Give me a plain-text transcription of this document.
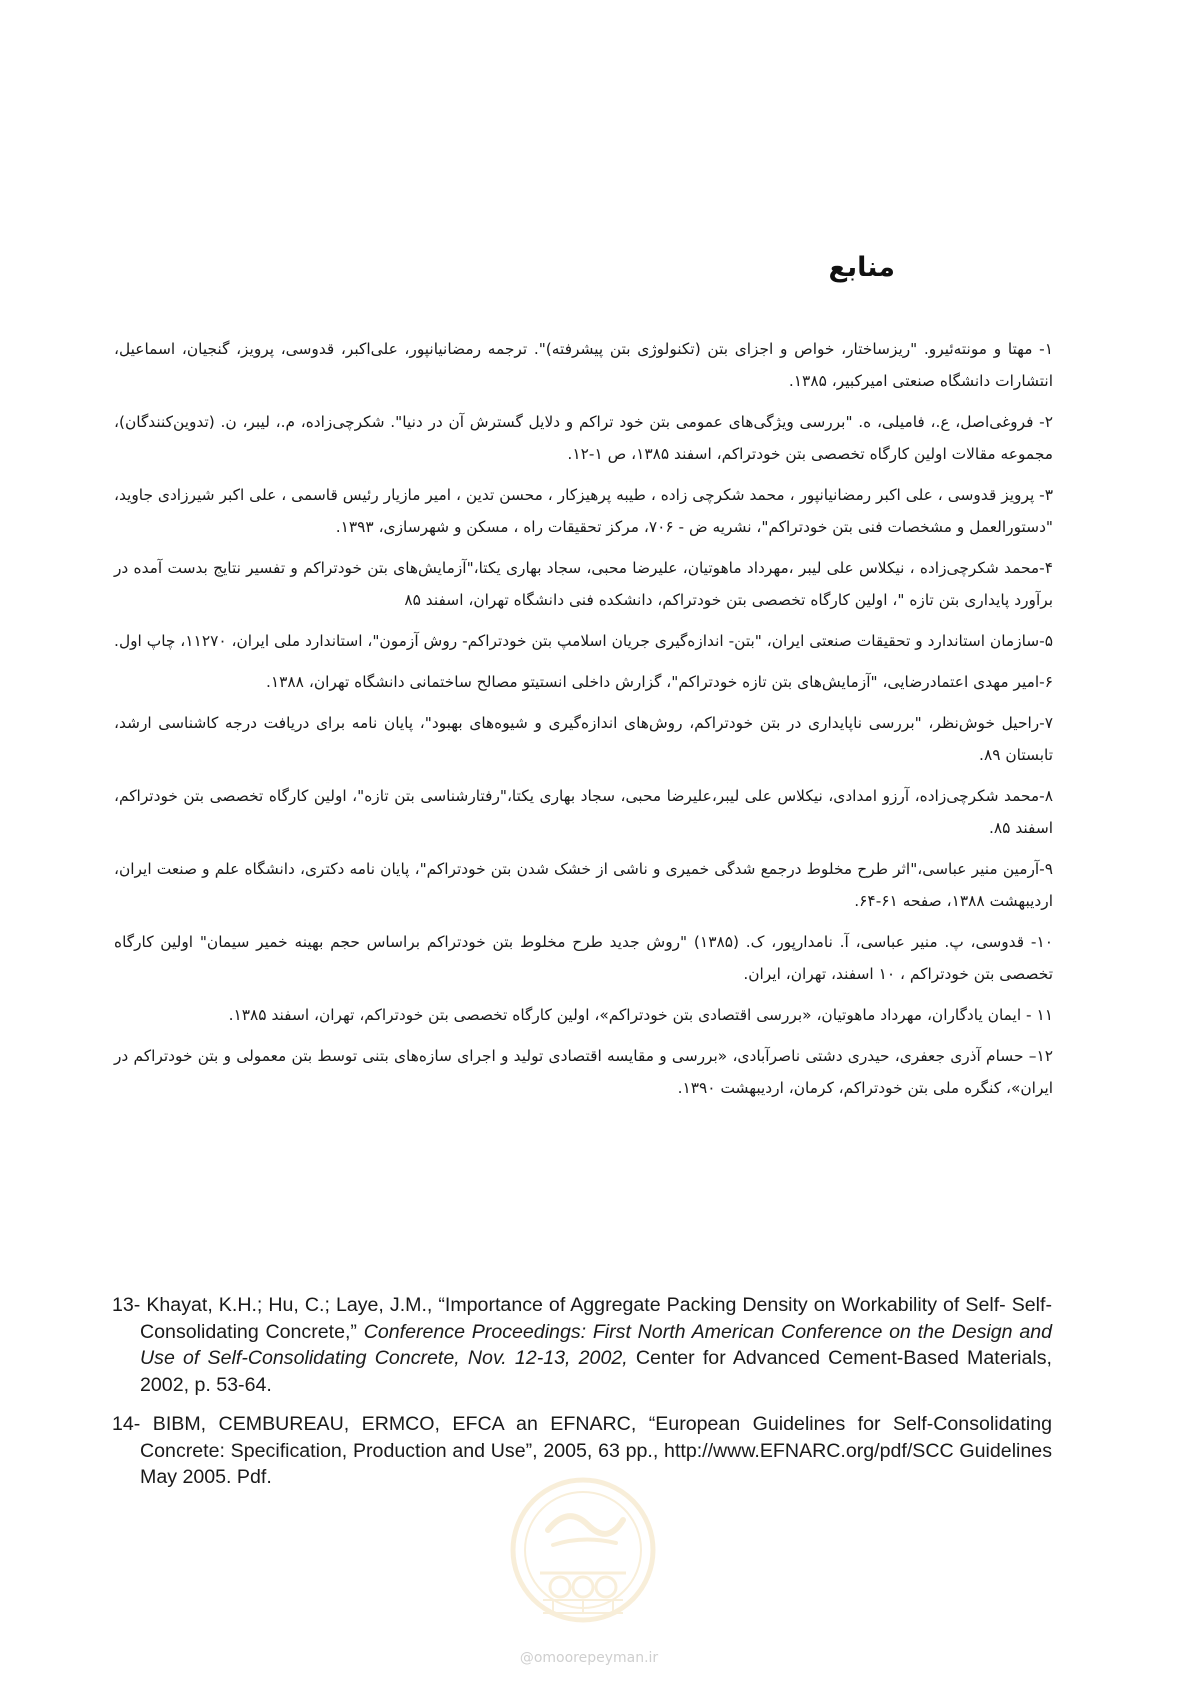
منابع
۱- مهتا و مونته‌ئیرو. "ریزساختار، خواص و اجزای بتن (تکنولوژی بتن پیشرفته)". ترجمه رمضانیانپور، علی‌اکبر، قدوسی، پرویز، گنجیان، اسماعیل، انتشارات دانشگاه صنعتی امیرکبیر، ۱۳۸۵.
۲- فروغی‌اصل، ع.، فامیلی، ه. "بررسی ویژگی‌های عمومی بتن خود تراکم و دلایل گسترش آن در دنیا". شکرچی‌زاده، م.، لیبر، ن. (تدوین‌کنندگان)، مجموعه مقالات اولین کارگاه تخصصی بتن خودتراکم، اسفند ۱۳۸۵، ص ۱-۱۲.
۳- پرویز قدوسی ، علی اکبر رمضانیانپور ، محمد شکرچی زاده ، طیبه پرهیزکار ، محسن تدین ، امیر مازیار رئیس قاسمی ، علی اکبر شیرزادی جاوید، "دستورالعمل و مشخصات فنی بتن خودتراکم"، نشریه ض - ۷۰۶، مرکز تحقیقات راه ، مسکن و شهرسازی، ۱۳۹۳.
۴-محمد شکرچی‌زاده ، نیکلاس علی لیبر ،مهرداد ماهوتیان، علیرضا محبی، سجاد بهاری یکتا،"آزمایش‌های بتن خودتراکم و تفسیر نتایج بدست آمده در برآورد پایداری بتن تازه "، اولین کارگاه تخصصی بتن خودتراکم، دانشکده فنی دانشگاه تهران، اسفند ۸۵
۵-سازمان استاندارد و تحقیقات صنعتی ایران، "بتن- اندازه‌گیری جریان اسلامپ بتن خودتراکم- روش آزمون"، استاندارد ملی ایران، ۱۱۲۷۰، چاپ اول.
۶-امیر مهدی اعتمادرضایی، "آزمایش‌های بتن تازه خودتراکم"، گزارش داخلی انستیتو مصالح ساختمانی دانشگاه تهران، ۱۳۸۸.
۷-راحیل خوش‌نظر، "بررسی ناپایداری در بتن خودتراکم، روش‌های اندازه‌گیری و شیوه‌های بهبود"، پایان نامه برای دریافت درجه کاشناسی ارشد، تابستان ۸۹.
۸-محمد شکرچی‌زاده، آرزو امدادی، نیکلاس علی لیبر،علیرضا محبی، سجاد بهاری یکتا،"رفتارشناسی بتن تازه"، اولین کارگاه تخصصی بتن خودتراکم، اسفند ۸۵.
۹-آرمین منیر عباسی،"اثر طرح مخلوط درجمع شدگی خمیری و ناشی از خشک شدن بتن خودتراکم"، پایان نامه دکتری، دانشگاه علم و صنعت ایران، اردیبهشت ۱۳۸۸، صفحه ۶۱-۶۴.
۱۰- قدوسی، پ. منیر عباسی، آ. نامدارپور، ک. (۱۳۸۵) "روش جدید طرح مخلوط بتن خودتراکم براساس حجم بهینه خمیر سیمان" اولین کارگاه تخصصی بتن خودتراکم ، ۱۰ اسفند، تهران، ایران.
۱۱ - ایمان یادگاران، مهرداد ماهوتیان، «بررسی اقتصادی بتن خودتراکم»، اولین کارگاه تخصصی بتن خودتراکم، تهران، اسفند ۱۳۸۵.
۱۲– حسام آذری جعفری، حیدری دشتی ناصرآبادی، «بررسی و مقایسه اقتصادی تولید و اجرای سازه‌های بتنی توسط بتن معمولی و بتن خودتراکم در ایران»، کنگره ملی بتن خودتراکم، کرمان، اردیبهشت ۱۳۹۰.
13- Khayat, K.H.; Hu, C.; Laye, J.M., “Importance of Aggregate Packing Density on Workability of Self- Self-Consolidating Concrete,” Conference Proceedings: First North American Conference on the Design and Use of Self-Consolidating Concrete, Nov. 12-13, 2002, Center for Advanced Cement-Based Materials, 2002, p. 53-64.
14- BIBM, CEMBUREAU, ERMCO, EFCA an EFNARC, “European Guidelines for Self-Consolidating Concrete: Specification, Production and Use”, 2005, 63 pp., http://www.EFNARC.org/pdf/SCC Guidelines May 2005. Pdf.
@omoorepeyman.ir
